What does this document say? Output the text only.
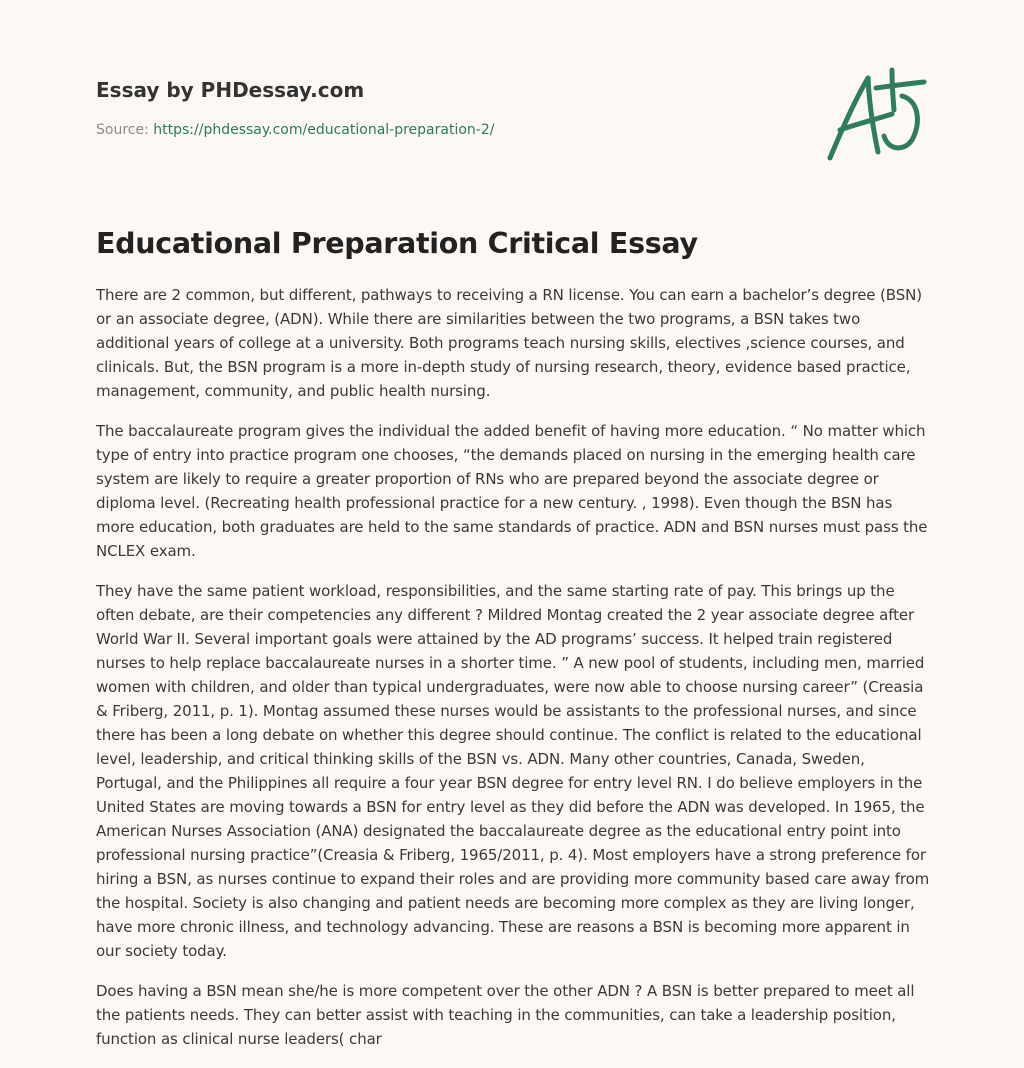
Essay by PHDessay.com
Source: https://phdessay.com/educational-preparation-2/
Educational Preparation Critical Essay

There are 2 common, but different, pathways to receiving a RN license. You can earn a bachelor’s degree (BSN) or an associate degree, (ADN). While there are similarities between the two programs, a BSN takes two additional years of college at a university. Both programs teach nursing skills, electives ,science courses, and clinicals. But, the BSN program is a more in-depth study of nursing research, theory, evidence based practice, management, community, and public health nursing.

The baccalaureate program gives the individual the added benefit of having more education. “ No matter which type of entry into practice program one chooses, “the demands placed on nursing in the emerging health care system are likely to require a greater proportion of RNs who are prepared beyond the associate degree or diploma level. (Recreating health professional practice for a new century. , 1998). Even though the BSN has more education, both graduates are held to the same standards of practice. ADN and BSN nurses must pass the NCLEX exam.

They have the same patient workload, responsibilities, and the same starting rate of pay. This brings up the often debate, are their competencies any different ? Mildred Montag created the 2 year associate degree after World War II. Several important goals were attained by the AD programs’ success. It helped train registered nurses to help replace baccalaureate nurses in a shorter time. ” A new pool of students, including men, married women with children, and older than typical undergraduates, were now able to choose nursing career” (Creasia & Friberg, 2011, p. 1). Montag assumed these nurses would be assistants to the professional nurses, and since there has been a long debate on whether this degree should continue. The conflict is related to the educational level, leadership, and critical thinking skills of the BSN vs. ADN. Many other countries, Canada, Sweden, Portugal, and the Philippines all require a four year BSN degree for entry level RN. I do believe employers in the United States are moving towards a BSN for entry level as they did before the ADN was developed. In 1965, the American Nurses Association (ANA) designated the baccalaureate degree as the educational entry point into professional nursing practice”(Creasia & Friberg, 1965/2011, p. 4). Most employers have a strong preference for hiring a BSN, as nurses continue to expand their roles and are providing more community based care away from the hospital. Society is also changing and patient needs are becoming more complex as they are living longer, have more chronic illness, and technology advancing. These are reasons a BSN is becoming more apparent in our society today.

Does having a BSN mean she/he is more competent over the other ADN ? A BSN is better prepared to meet all the patients needs. They can better assist with teaching in the communities, can take a leadership position, function as clinical nurse leaders( char
